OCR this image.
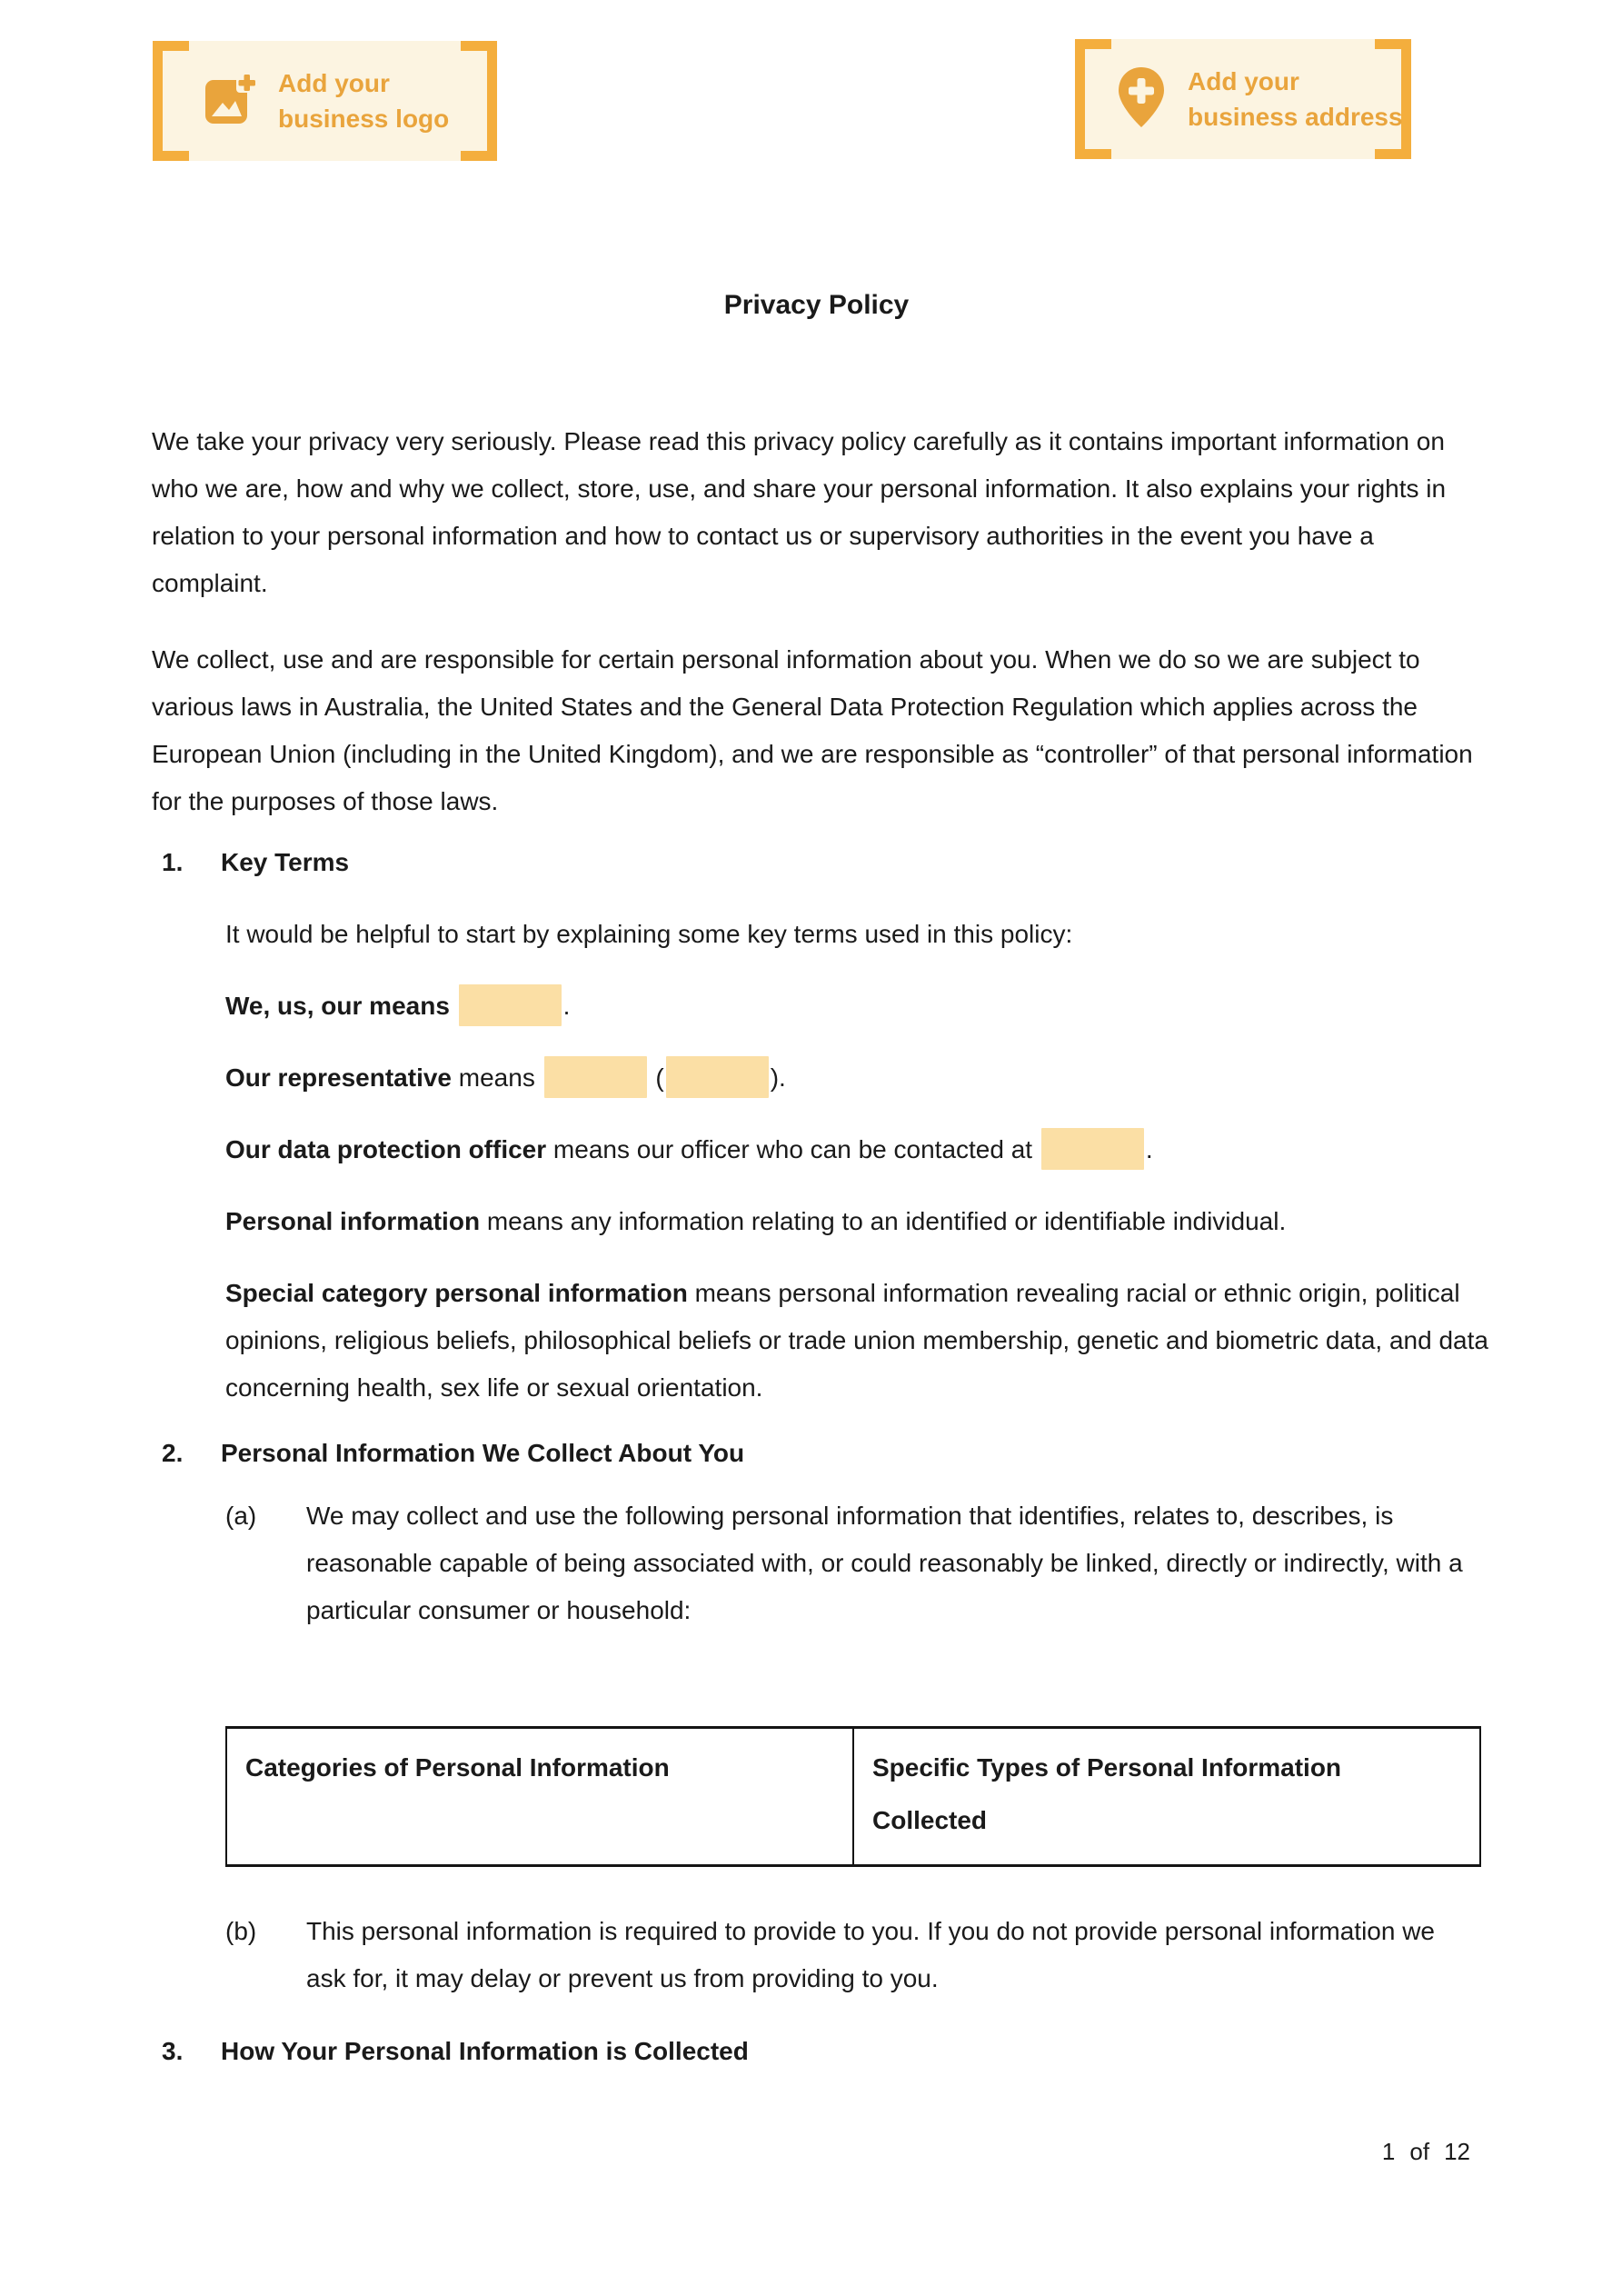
Add your
business logo
Add your
business address
Privacy Policy

We take your privacy very seriously. Please read this privacy policy carefully as it contains important information on who we are, how and why we collect, store, use, and share your personal information. It also explains your rights in relation to your personal information and how to contact us or supervisory authorities in the event you have a complaint.

We collect, use and are responsible for certain personal information about you. When we do so we are subject to various laws in Australia, the United States and the General Data Protection Regulation which applies across the European Union (including in the United Kingdom), and we are responsible as “controller” of that personal information for the purposes of those laws.

1.	Key Terms

It would be helpful to start by explaining some key terms used in this policy:

We, us, our means	.

Our representative means	(	).

Our data protection officer means our officer who can be contacted at	.

Personal information means any information relating to an identified or identifiable individual.

Special category personal information means personal information revealing racial or ethnic origin, political opinions, religious beliefs, philosophical beliefs or trade union membership, genetic and biometric data, and data concerning health, sex life or sexual orientation.

2.	Personal Information We Collect About You
(a)	We may collect and use the following personal information that identifies, relates to, describes, is reasonable capable of being associated with, or could reasonably be linked, directly or indirectly, with a particular consumer or household:
Categories of Personal Information	Specific Types of Personal Information Collected
(b)	This personal information is required to provide to you. If you do not provide personal information we ask for, it may delay or prevent us from providing to you.
3.	How Your Personal Information is Collected
1 of 12
